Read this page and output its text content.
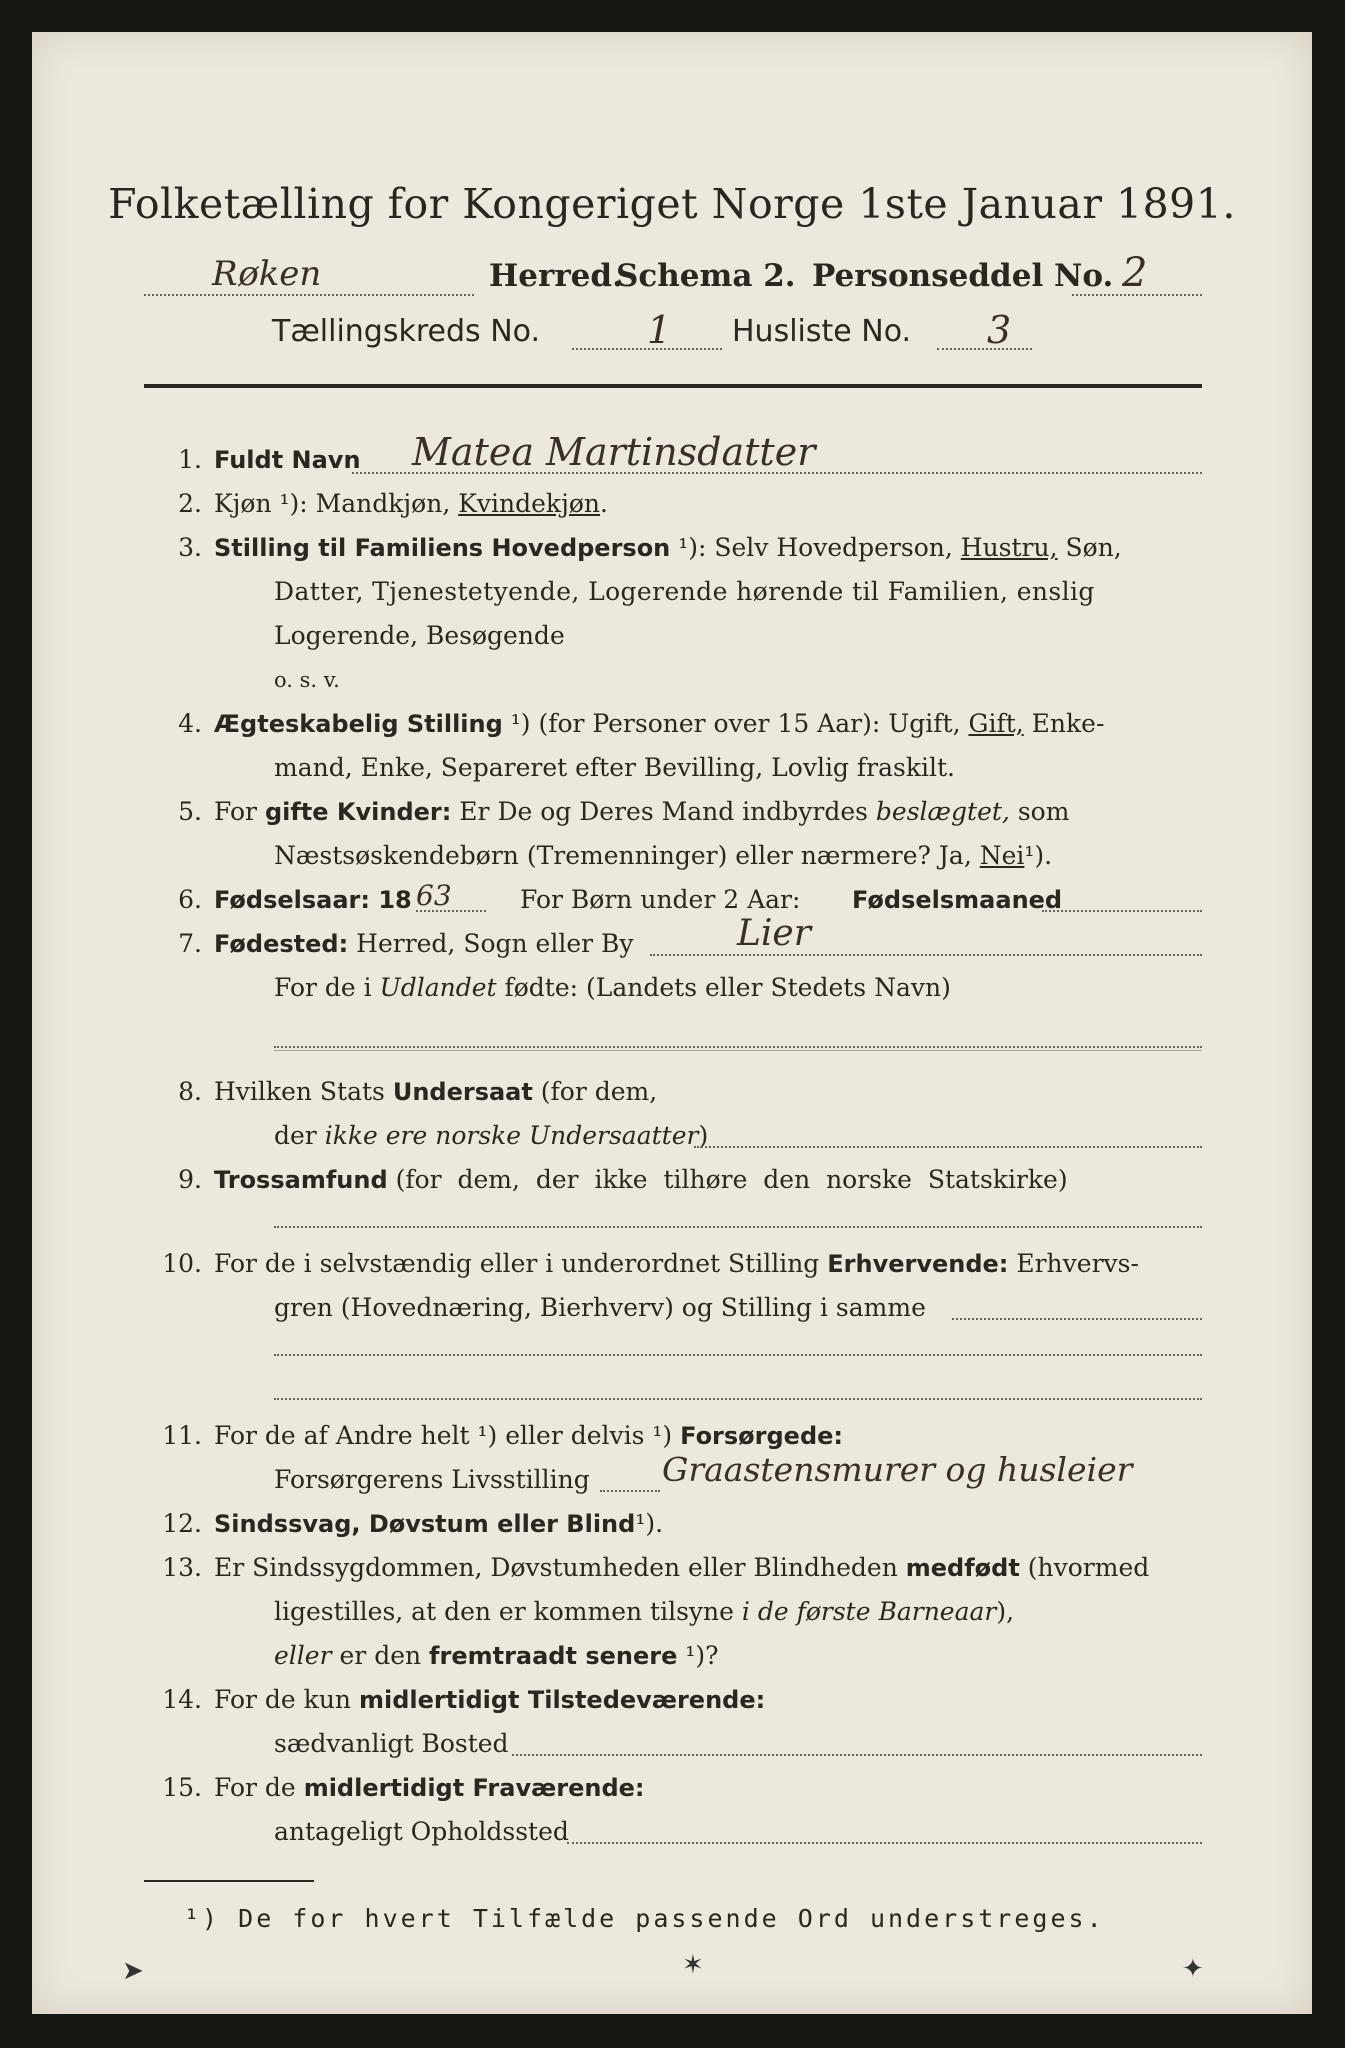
Folketælling for Kongeriget Norge 1ste Januar 1891.
Røken	Herred.
Schema 2. Personseddel No. 2
Tællingskreds No.	1 Husliste No. 3
1. Fuldt Navn Matea Martinsdatter
2. Kjøn ¹): Mandkjøn, Kvindekjøn.
3. Stilling til Familiens Hovedperson ¹): Selv Hovedperson, Hustru, Søn,
Datter, Tjenestetyende, Logerende hørende til Familien, enslig
Logerende, Besøgende
o. s. v.
4. Ægteskabelig Stilling ¹) (for Personer over 15 Aar): Ugift, Gift, Enke-
mand, Enke, Separeret efter Bevilling, Lovlig fraskilt.
5. For gifte Kvinder: Er De og Deres Mand indbyrdes beslægtet, som
Næstsøskendebørn (Tremenninger) eller nærmere? Ja, Nei¹).
6. Fødselsaar: 18 63	For Børn under 2 Aar: Fødselsmaaned
7. Fødested: Herred, Sogn eller By	Lier
For de i Udlandet fødte: (Landets eller Stedets Navn)
8. Hvilken Stats Undersaat (for dem,
der ikke ere norske Undersaatter)
9. Trossamfund (for  dem,  der  ikke  tilhøre  den  norske  Statskirke)
10. For de i selvstændig eller i underordnet Stilling Erhvervende: Erhvervs-
gren (Hovednæring, Bierhverv) og Stilling i samme
11. For de af Andre helt ¹) eller delvis ¹) Forsørgede:
Forsørgerens Livsstilling Graastensmurer og husleier
12. Sindssvag, Døvstum eller Blind¹).
13. Er Sindssygdommen, Døvstumheden eller Blindheden medfødt (hvormed
ligestilles, at den er kommen tilsyne i de første Barneaar),
eller er den fremtraadt senere ¹)?
14. For de kun midlertidigt Tilstedeværende:
sædvanligt Bosted
15. For de midlertidigt Fraværende:
antageligt Opholdssted
¹) De for hvert Tilfælde passende Ord understreges.
➤	✶	✦
